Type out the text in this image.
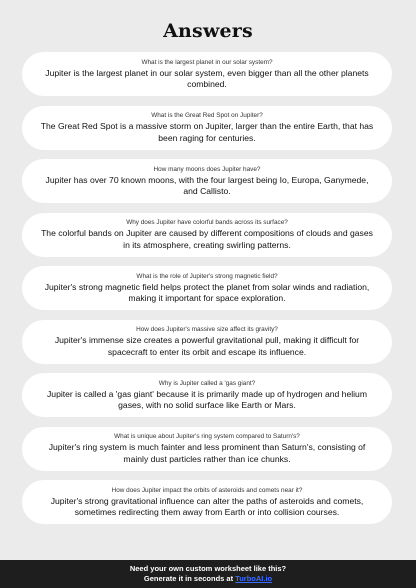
Answers
What is the largest planet in our solar system?
Jupiter is the largest planet in our solar system, even bigger than all the other planets combined.
What is the Great Red Spot on Jupiter?
The Great Red Spot is a massive storm on Jupiter, larger than the entire Earth, that has been raging for centuries.
How many moons does Jupiter have?
Jupiter has over 70 known moons, with the four largest being Io, Europa, Ganymede, and Callisto.
Why does Jupiter have colorful bands across its surface?
The colorful bands on Jupiter are caused by different compositions of clouds and gases in its atmosphere, creating swirling patterns.
What is the role of Jupiter's strong magnetic field?
Jupiter's strong magnetic field helps protect the planet from solar winds and radiation, making it important for space exploration.
How does Jupiter's massive size affect its gravity?
Jupiter's immense size creates a powerful gravitational pull, making it difficult for spacecraft to enter its orbit and escape its influence.
Why is Jupiter called a 'gas giant?
Jupiter is called a 'gas giant' because it is primarily made up of hydrogen and helium gases, with no solid surface like Earth or Mars.
What is unique about Jupiter's ring system compared to Saturn's?
Jupiter's ring system is much fainter and less prominent than Saturn's, consisting of mainly dust particles rather than ice chunks.
How does Jupiter impact the orbits of asteroids and comets near it?
Jupiter's strong gravitational influence can alter the paths of asteroids and comets, sometimes redirecting them away from Earth or into collision courses.
Need your own custom worksheet like this?
Generate it in seconds at TurboAI.io
